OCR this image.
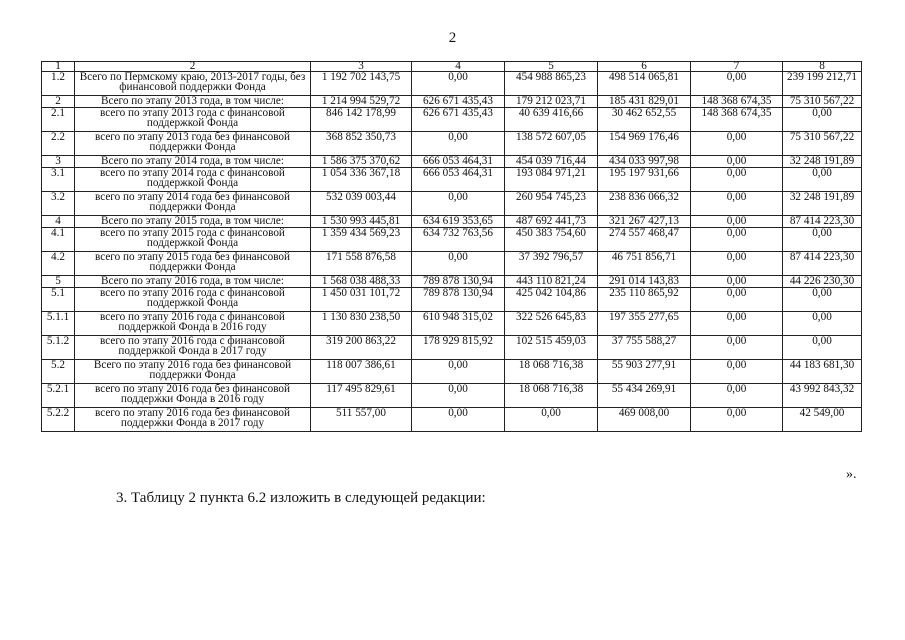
2
1	2	3	4	5	6	7	8
1.2	Всего по Пермскому краю, 2013-2017 годы, без финансовой поддержки Фонда	1 192 702 143,75	0,00	454 988 865,23	498 514 065,81	0,00	239 199 212,71
2	Всего по этапу 2013 года, в том числе:	1 214 994 529,72	626 671 435,43	179 212 023,71	185 431 829,01	148 368 674,35	75 310 567,22
2.1	всего по этапу 2013 года с финансовой поддержкой Фонда	846 142 178,99	626 671 435,43	40 639 416,66	30 462 652,55	148 368 674,35	0,00
2.2	всего по этапу 2013 года без финансовой поддержки Фонда	368 852 350,73	0,00	138 572 607,05	154 969 176,46	0,00	75 310 567,22
3	Всего по этапу 2014 года, в том числе:	1 586 375 370,62	666 053 464,31	454 039 716,44	434 033 997,98	0,00	32 248 191,89
3.1	всего по этапу 2014 года с финансовой поддержкой Фонда	1 054 336 367,18	666 053 464,31	193 084 971,21	195 197 931,66	0,00	0,00
3.2	всего по этапу 2014 года без финансовой поддержки Фонда	532 039 003,44	0,00	260 954 745,23	238 836 066,32	0,00	32 248 191,89
4	Всего по этапу 2015 года, в том числе:	1 530 993 445,81	634 619 353,65	487 692 441,73	321 267 427,13	0,00	87 414 223,30
4.1	всего по этапу 2015 года с финансовой поддержкой Фонда	1 359 434 569,23	634 732 763,56	450 383 754,60	274 557 468,47	0,00	0,00
4.2	всего по этапу 2015 года без финансовой поддержки Фонда	171 558 876,58	0,00	37 392 796,57	46 751 856,71	0,00	87 414 223,30
5	Всего по этапу 2016 года, в том числе:	1 568 038 488,33	789 878 130,94	443 110 821,24	291 014 143,83	0,00	44 226 230,30
5.1	всего по этапу 2016 года с финансовой поддержкой Фонда	1 450 031 101,72	789 878 130,94	425 042 104,86	235 110 865,92	0,00	0,00
5.1.1	всего по этапу 2016 года с финансовой поддержкой Фонда в 2016 году	1 130 830 238,50	610 948 315,02	322 526 645,83	197 355 277,65	0,00	0,00
5.1.2	всего по этапу 2016 года с финансовой поддержкой Фонда в 2017 году	319 200 863,22	178 929 815,92	102 515 459,03	37 755 588,27	0,00	0,00
5.2	Всего по этапу 2016 года без финансовой поддержки Фонда	118 007 386,61	0,00	18 068 716,38	55 903 277,91	0,00	44 183 681,30
5.2.1	всего по этапу 2016 года без финансовой поддержки Фонда в 2016 году	117 495 829,61	0,00	18 068 716,38	55 434 269,91	0,00	43 992 843,32
5.2.2	всего по этапу 2016 года без финансовой поддержки Фонда в 2017 году	511 557,00	0,00	0,00	469 008,00	0,00	42 549,00
».
3. Таблицу 2 пункта 6.2 изложить в следующей редакции:
